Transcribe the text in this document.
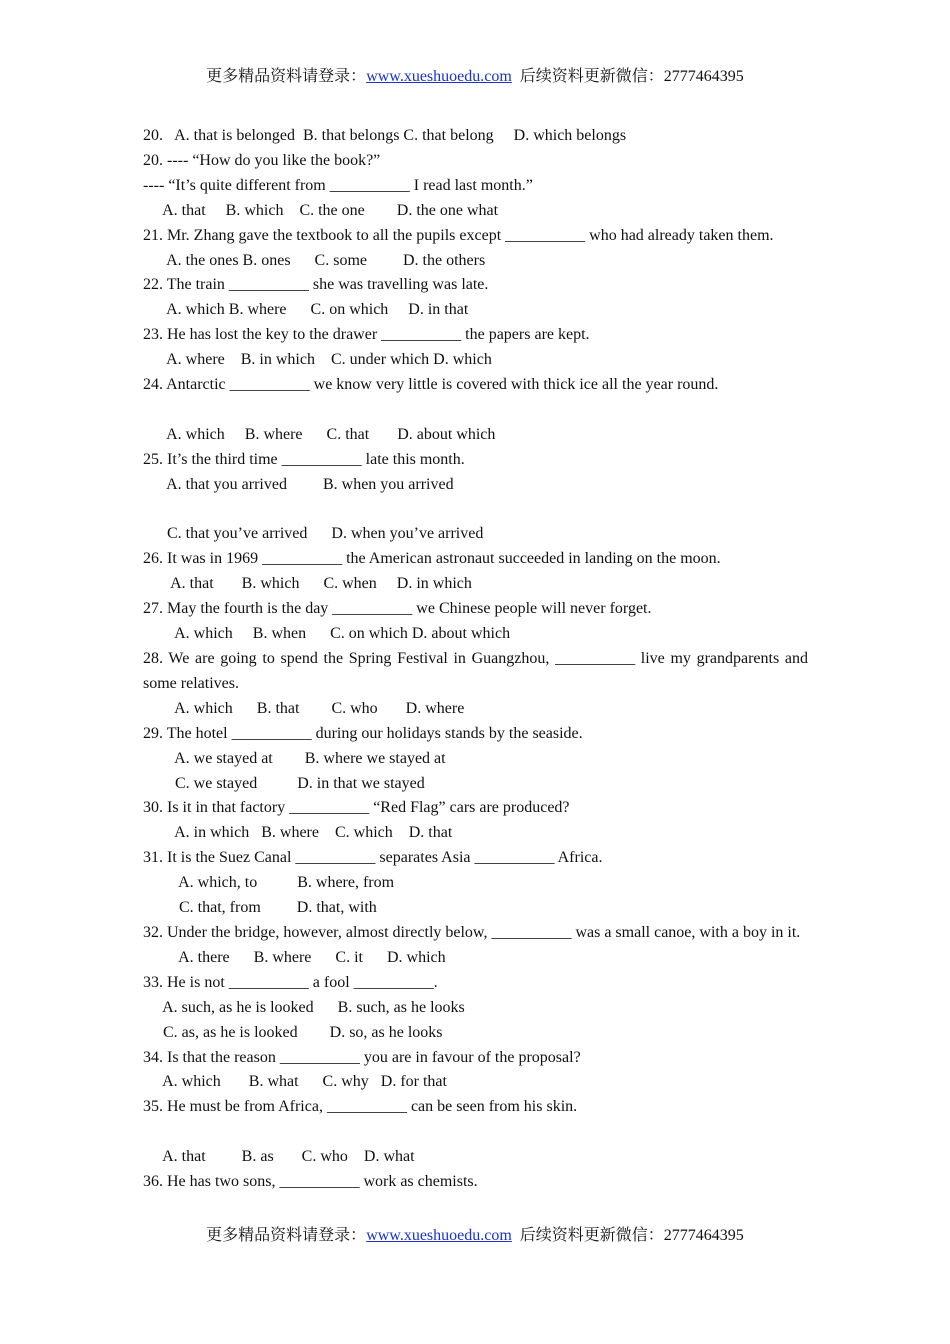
更多精品资料请登录：www.xueshuoedu.com 后续资料更新微信：2777464395
20.   A. that is belonged  B. that belongs C. that belong     D. which belongs
20. ---- “How do you like the book?”
---- “It’s quite different from __________ I read last month.”
A. that     B. which    C. the one        D. the one what
21. Mr. Zhang gave the textbook to all the pupils except __________ who had already taken them.
A. the ones B. ones      C. some         D. the others
22. The train __________ she was travelling was late.
A. which B. where      C. on which     D. in that
23. He has lost the key to the drawer __________ the papers are kept.
A. where    B. in which    C. under which D. which
24. Antarctic __________ we know very little is covered with thick ice all the year round.
A. which     B. where      C. that       D. about which
25. It’s the third time __________ late this month.
A. that you arrived         B. when you arrived
C. that you’ve arrived      D. when you’ve arrived
26. It was in 1969 __________ the American astronaut succeeded in landing on the moon.
A. that       B. which      C. when     D. in which
27. May the fourth is the day __________ we Chinese people will never forget.
A. which     B. when      C. on which D. about which
28. We are going to spend the Spring Festival in Guangzhou, __________ live my grandparents and some relatives.
A. which      B. that        C. who       D. where
29. The hotel __________ during our holidays stands by the seaside.
A. we stayed at        B. where we stayed at
C. we stayed          D. in that we stayed
30. Is it in that factory __________ “Red Flag” cars are produced?
A. in which   B. where    C. which    D. that
31. It is the Suez Canal __________ separates Asia __________ Africa.
A. which, to          B. where, from
C. that, from         D. that, with
32. Under the bridge, however, almost directly below, __________ was a small canoe, with a boy in it.
A. there      B. where      C. it      D. which
33. He is not __________ a fool __________.
A. such, as he is looked      B. such, as he looks
C. as, as he is looked        D. so, as he looks
34. Is that the reason __________ you are in favour of the proposal?
A. which       B. what      C. why   D. for that
35. He must be from Africa, __________ can be seen from his skin.
A. that         B. as       C. who    D. what
36. He has two sons, __________ work as chemists.
更多精品资料请登录：www.xueshuoedu.com 后续资料更新微信：2777464395
